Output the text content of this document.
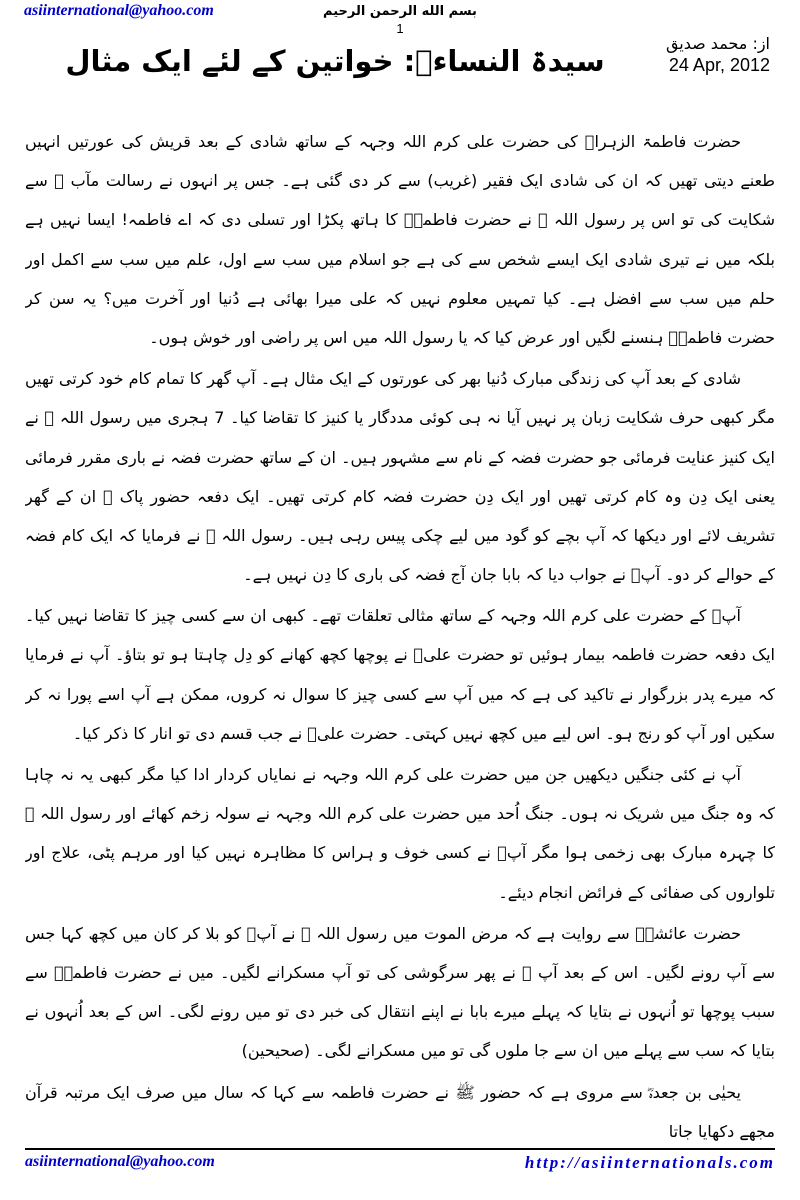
asiinternational@yahoo.com	بسم الله الرحمن الرحيم
1
از: محمد صدیق
24 Apr, 2012
سیدۃ النساءؓ: خواتین کے لئے ایک مثال

حضرت فاطمۃ الزہراؑ کی حضرت علی کرم اللہ وجہہ کے ساتھ شادی کے بعد قریش کی عورتیں انہیں طعنے دیتی تھیں کہ ان کی شادی ایک فقیر (غریب) سے کر دی گئی ہے۔ جس پر انہوں نے رسالت مآب ﷺ سے شکایت کی تو اس پر رسول اللہ ﷺ نے حضرت فاطمہؑ کا ہاتھ پکڑا اور تسلی دی کہ اے فاطمہ! ایسا نہیں ہے بلکہ میں نے تیری شادی ایک ایسے شخص سے کی ہے جو اسلام میں سب سے اول، علم میں سب سے اکمل اور حلم میں سب سے افضل ہے۔ کیا تمہیں معلوم نہیں کہ علی میرا بھائی ہے دُنیا اور آخرت میں؟ یہ سن کر حضرت فاطمہؑ ہنسنے لگیں اور عرض کیا کہ یا رسول اللہ میں اس پر راضی اور خوش ہوں۔

شادی کے بعد آپ کی زندگی مبارک دُنیا بھر کی عورتوں کے ایک مثال ہے۔ آپ گھر کا تمام کام خود کرتی تھیں مگر کبھی حرف شکایت زبان پر نہیں آیا نہ ہی کوئی مددگار یا کنیز کا تقاضا کیا۔ 7 ہجری میں رسول اللہ ﷺ نے ایک کنیز عنایت فرمائی جو حضرت فضہ کے نام سے مشہور ہیں۔ ان کے ساتھ حضرت فضہ نے باری مقرر فرمائی یعنی ایک دِن وہ کام کرتی تھیں اور ایک دِن حضرت فضہ کام کرتی تھیں۔ ایک دفعہ حضور پاک ﷺ ان کے گھر تشریف لائے اور دیکھا کہ آپ بچے کو گود میں لیے چکی پیس رہی ہیں۔ رسول اللہ ﷺ نے فرمایا کہ ایک کام فضہ کے حوالے کر دو۔ آپؑ نے جواب دیا کہ بابا جان آج فضہ کی باری کا دِن نہیں ہے۔

آپؑ کے حضرت علی کرم اللہ وجہہ کے ساتھ مثالی تعلقات تھے۔ کبھی ان سے کسی چیز کا تقاضا نہیں کیا۔ ایک دفعہ حضرت فاطمہ بیمار ہوئیں تو حضرت علیؑ نے پوچھا کچھ کھانے کو دِل چاہتا ہو تو بتاؤ۔ آپ نے فرمایا کہ میرے پدر بزرگوار نے تاکید کی ہے کہ میں آپ سے کسی چیز کا سوال نہ کروں، ممکن ہے آپ اسے پورا نہ کر سکیں اور آپ کو رنج ہو۔ اس لیے میں کچھ نہیں کہتی۔ حضرت علیؑ نے جب قسم دی تو انار کا ذکر کیا۔

آپ نے کئی جنگیں دیکھیں جن میں حضرت علی کرم اللہ وجہہ نے نمایاں کردار ادا کیا مگر کبھی یہ نہ چاہا کہ وہ جنگ میں شریک نہ ہوں۔ جنگ اُحد میں حضرت علی کرم اللہ وجہہ نے سولہ زخم کھائے اور رسول اللہ ﷺ کا چہرہ مبارک بھی زخمی ہوا مگر آپؑ نے کسی خوف و ہراس کا مظاہرہ نہیں کیا اور مرہم پٹی، علاج اور تلواروں کی صفائی کے فرائض انجام دیئے۔

حضرت عائشہؓ سے روایت ہے کہ مرض الموت میں رسول اللہ ﷺ نے آپؑ کو بلا کر کان میں کچھ کہا جس سے آپ رونے لگیں۔ اس کے بعد آپ ﷺ نے پھر سرگوشی کی تو آپ مسکرانے لگیں۔ میں نے حضرت فاطمہؑ سے سبب پوچھا تو اُنہوں نے بتایا کہ پہلے میرے بابا نے اپنے انتقال کی خبر دی تو میں رونے لگی۔ اس کے بعد اُنہوں نے بتایا کہ سب سے پہلے میں ان سے جا ملوں گی تو میں مسکرانے لگی۔ (صحیحین)

یحیٰی بن جعدہؓ سے مروی ہے کہ حضور ﷺ نے حضرت فاطمہ سے کہا کہ سال میں صرف ایک مرتبہ قرآن مجھے دکھایا جاتا

asiinternational@yahoo.com	http://asiinternationals.com
